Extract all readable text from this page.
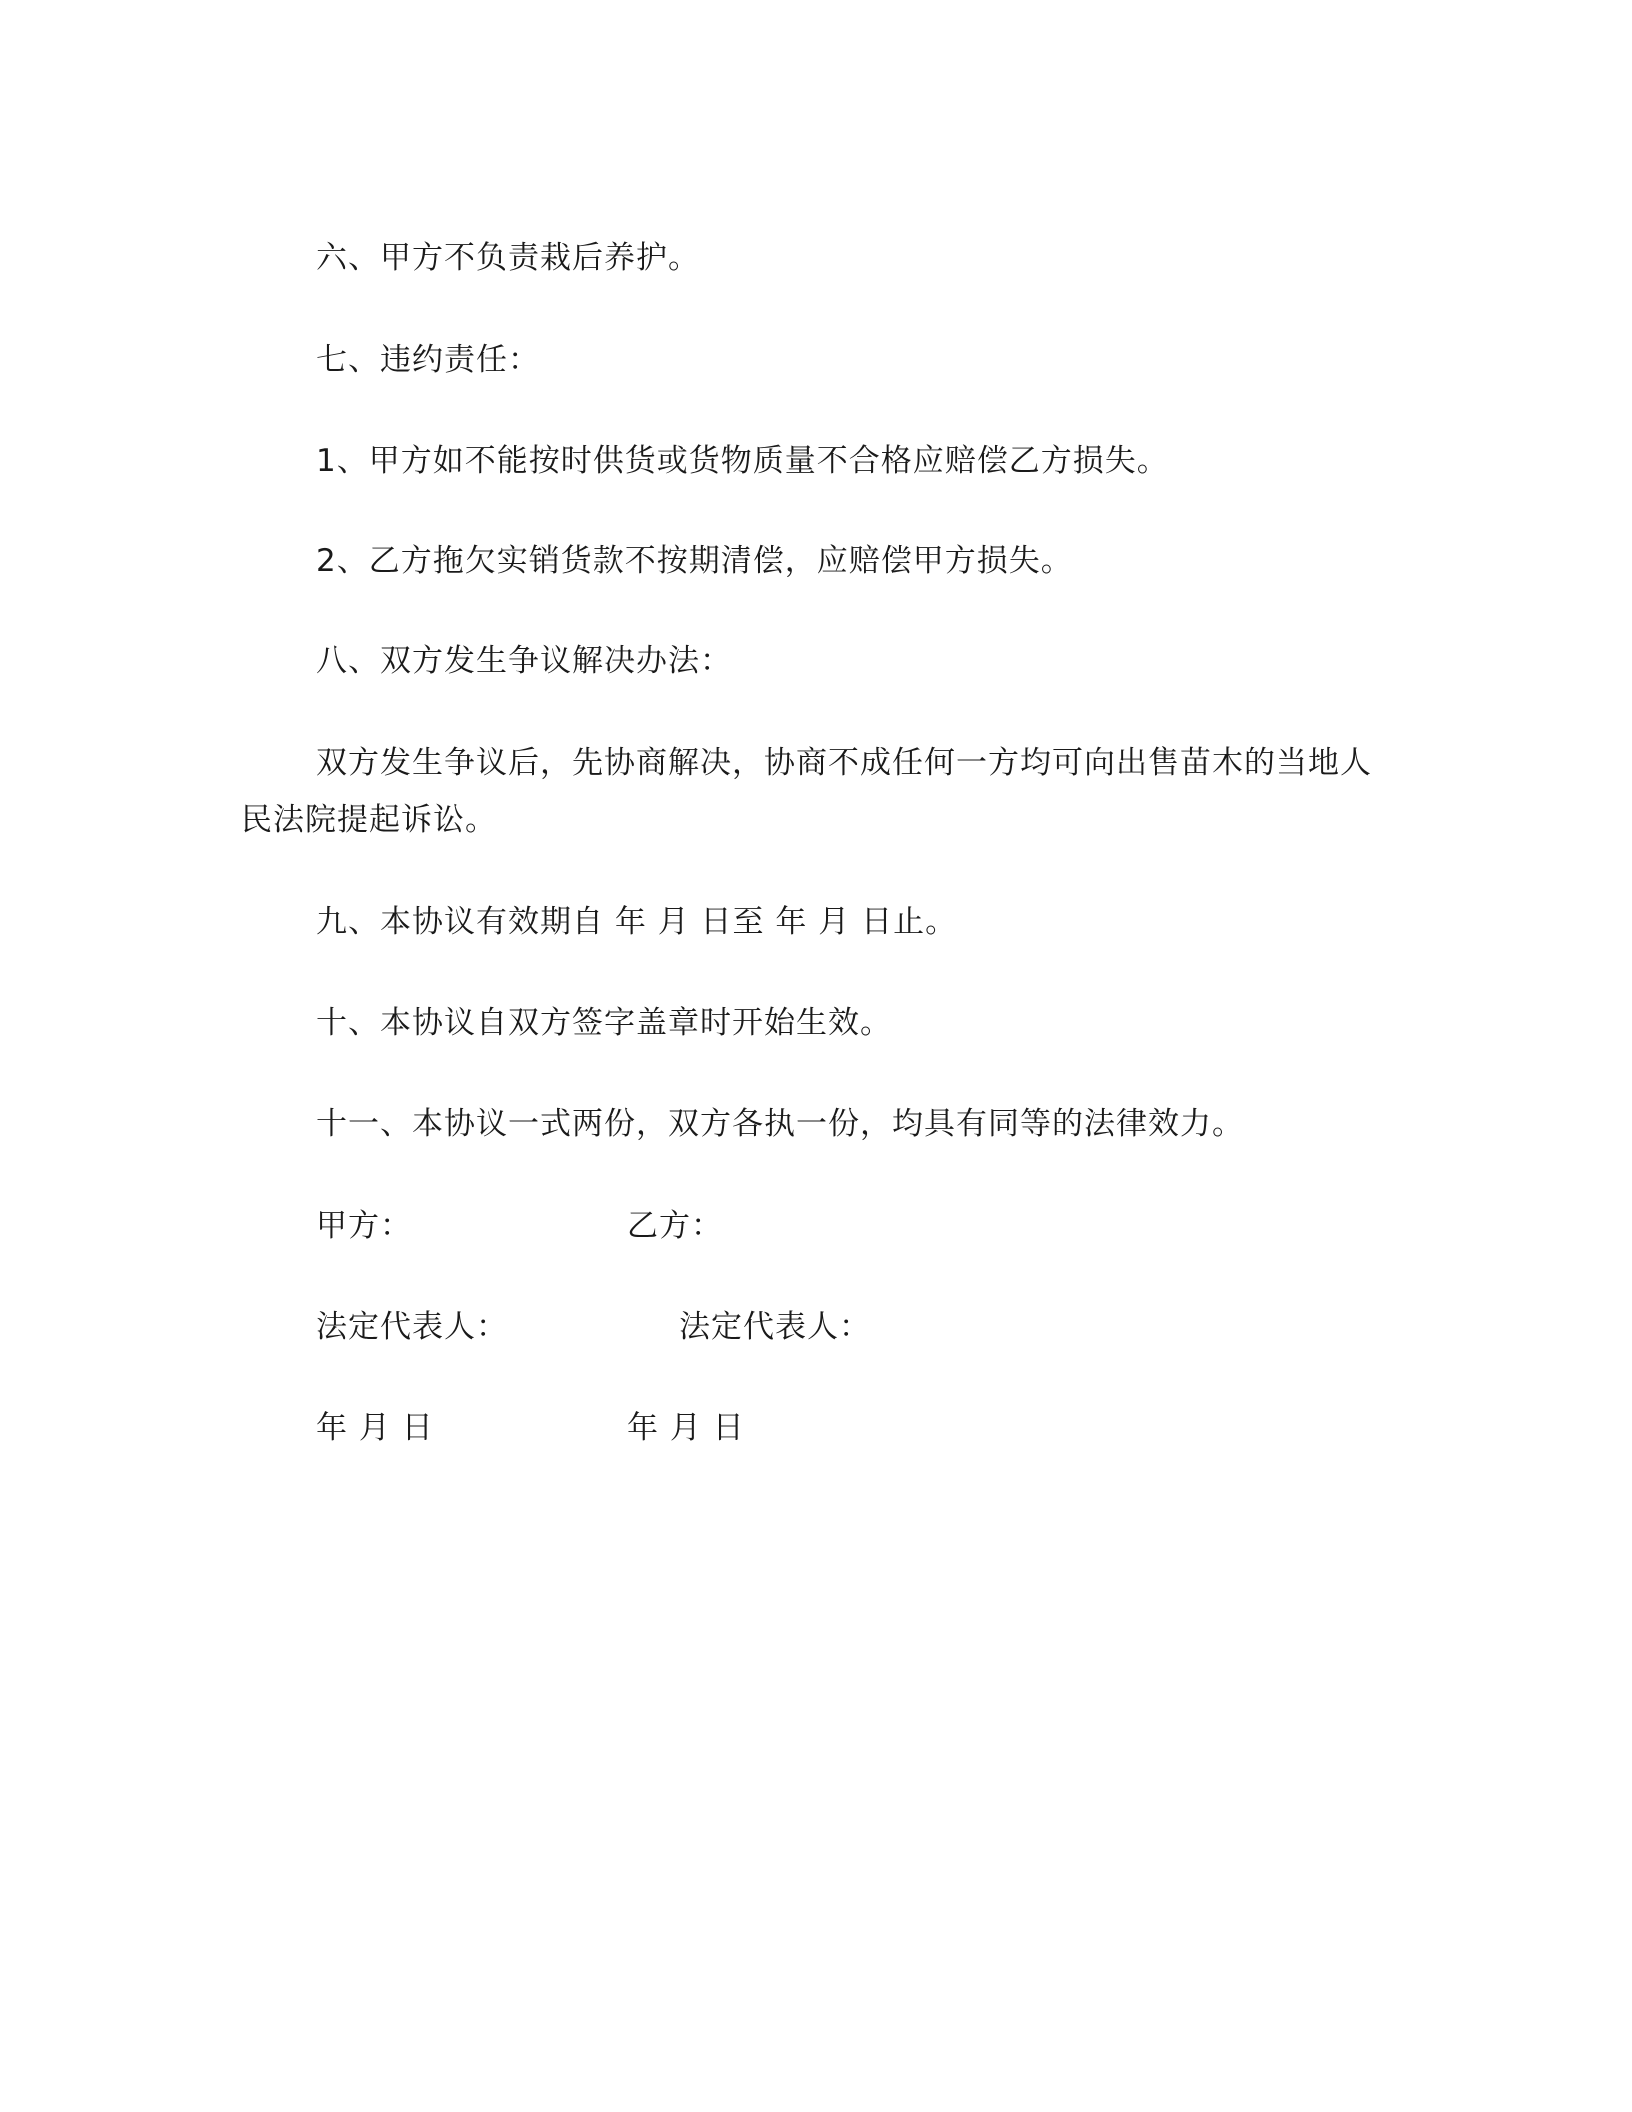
六、甲方不负责栽后养护。
七、违约责任：
1、甲方如不能按时供货或货物质量不合格应赔偿乙方损失。
2、乙方拖欠实销货款不按期清偿，应赔偿甲方损失。
八、双方发生争议解决办法：
双方发生争议后，先协商解决，协商不成任何一方均可向出售苗木的当地人
民法院提起诉讼。
九、本协议有效期自 年 月 日至 年 月 日止。
十、本协议自双方签字盖章时开始生效。
十一、本协议一式两份，双方各执一份，均具有同等的法律效力。
甲方：	乙方：
法定代表人：	法定代表人：
年 月 日	年 月 日
